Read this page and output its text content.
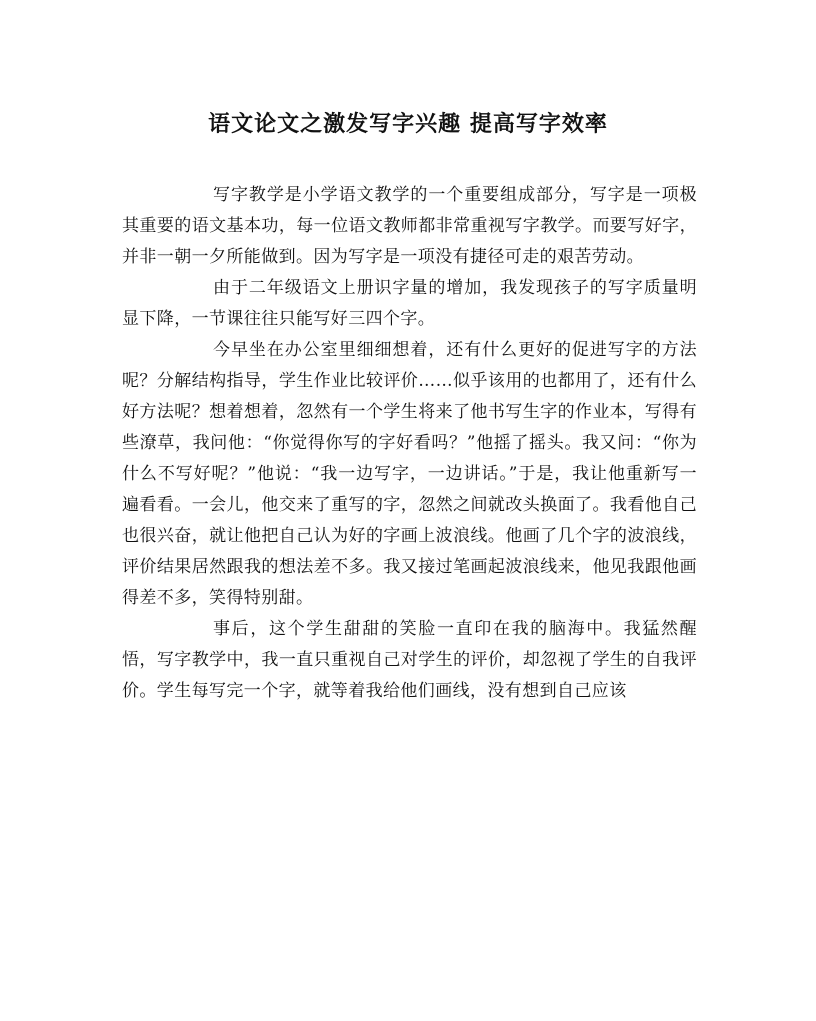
语文论文之激发写字兴趣 提高写字效率

写字教学是小学语文教学的一个重要组成部分，写字是一项极其重要的语文基本功，每一位语文教师都非常重视写字教学。而要写好字，并非一朝一夕所能做到。因为写字是一项没有捷径可走的艰苦劳动。

由于二年级语文上册识字量的增加，我发现孩子的写字质量明显下降，一节课往往只能写好三四个字。

今早坐在办公室里细细想着，还有什么更好的促进写字的方法呢？分解结构指导，学生作业比较评价……似乎该用的也都用了，还有什么好方法呢？想着想着，忽然有一个学生将来了他书写生字的作业本，写得有些潦草，我问他：“你觉得你写的字好看吗？”他摇了摇头。我又问：“你为什么不写好呢？”他说：“我一边写字，一边讲话。”于是，我让他重新写一遍看看。一会儿，他交来了重写的字，忽然之间就改头换面了。我看他自己也很兴奋，就让他把自己认为好的字画上波浪线。他画了几个字的波浪线，评价结果居然跟我的想法差不多。我又接过笔画起波浪线来，他见我跟他画得差不多，笑得特别甜。

事后，这个学生甜甜的笑脸一直印在我的脑海中。我猛然醒悟，写字教学中，我一直只重视自己对学生的评价，却忽视了学生的自我评价。学生每写完一个字，就等着我给他们画线，没有想到自己应该
